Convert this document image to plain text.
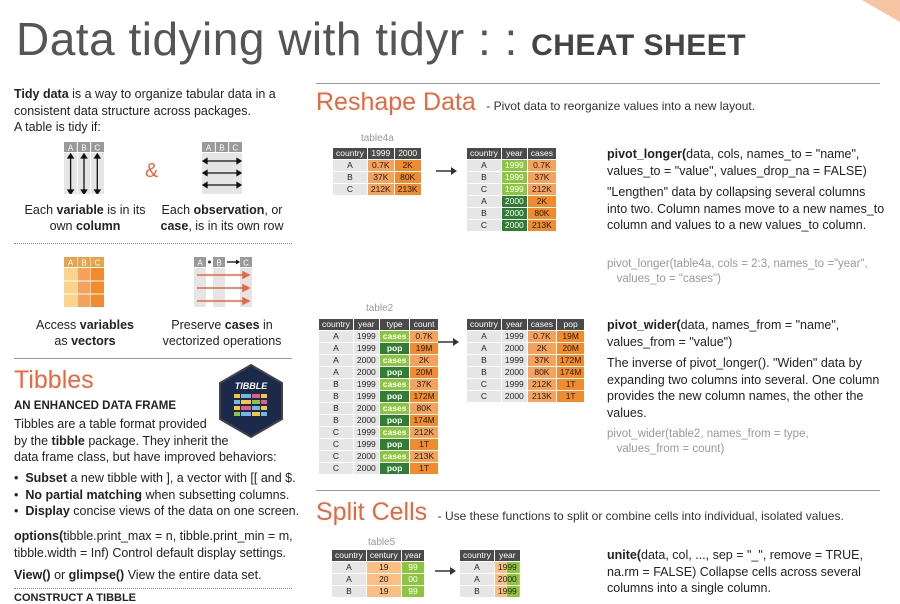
Data tidying with tidyr : : CHEAT SHEET
Tidy data is a way to organize tabular data in a consistent data structure across packages.
A table is tidy if:
A B C
&
A B C
Each variable is in its own column
Each observation, or case, is in its own row
A B C	A B	C
Access variables
as vectors
Preserve cases in
vectorized operations
Tibbles	TIBBLE
AN ENHANCED DATA FRAME
Tibbles are a table format provided
by the tibble package. They inherit the
data frame class, but have improved behaviors:
•  Subset a new tibble with ], a vector with [[ and $.
•  No partial matching when subsetting columns.
•  Display concise views of the data on one screen.
options(tibble.print_max = n, tibble.print_min = m,
tibble.width = Inf) Control default display settings.
View() or glimpse() View the entire data set.
CONSTRUCT A TIBBLE
Reshape Data - Pivot data to reorganize values into a new layout.
table4a
country	1999	2000
A	0.7K	2K
B	37K	80K
C	212K	213K
country	year	cases
A	1999	0.7K
B	1999	37K
C	1999	212K
A	2000	2K
B	2000	80K
C	2000	213K
pivot_longer(data, cols, names_to = "name",
values_to = "value", values_drop_na = FALSE)
"Lengthen" data by collapsing several columns into two. Column names move to a new names_to column and values to a new values_to column.
pivot_longer(table4a, cols = 2:3, names_to ="year",
values_to = "cases")
table2
country	year	type	count
A	1999	cases	0.7K
A	1999	pop	19M
A	2000	cases	2K
A	2000	pop	20M
B	1999	cases	37K
B	1999	pop	172M
B	2000	cases	80K
B	2000	pop	174M
C	1999	cases	212K
C	1999	pop	1T
C	2000	cases	213K
C	2000	pop	1T
country	year	cases	pop
A	1999	0.7K	19M
A	2000	2K	20M
B	1999	37K	172M
B	2000	80K	174M
C	1999	212K	1T
C	2000	213K	1T
pivot_wider(data, names_from = "name",
values_from = "value")
The inverse of pivot_longer(). "Widen" data by expanding two columns into several. One column provides the new column names, the other the values.
pivot_wider(table2, names_from = type,
values_from = count)
Split Cells - Use these functions to split or combine cells into individual, isolated values.
table5
country	century	year
A	19	99
A	20	00
B	19	99
country	year
A	1999
A	2000
B	1999
unite(data, col, ..., sep = "_", remove = TRUE,
na.rm = FALSE) Collapse cells across several
columns into a single column.
